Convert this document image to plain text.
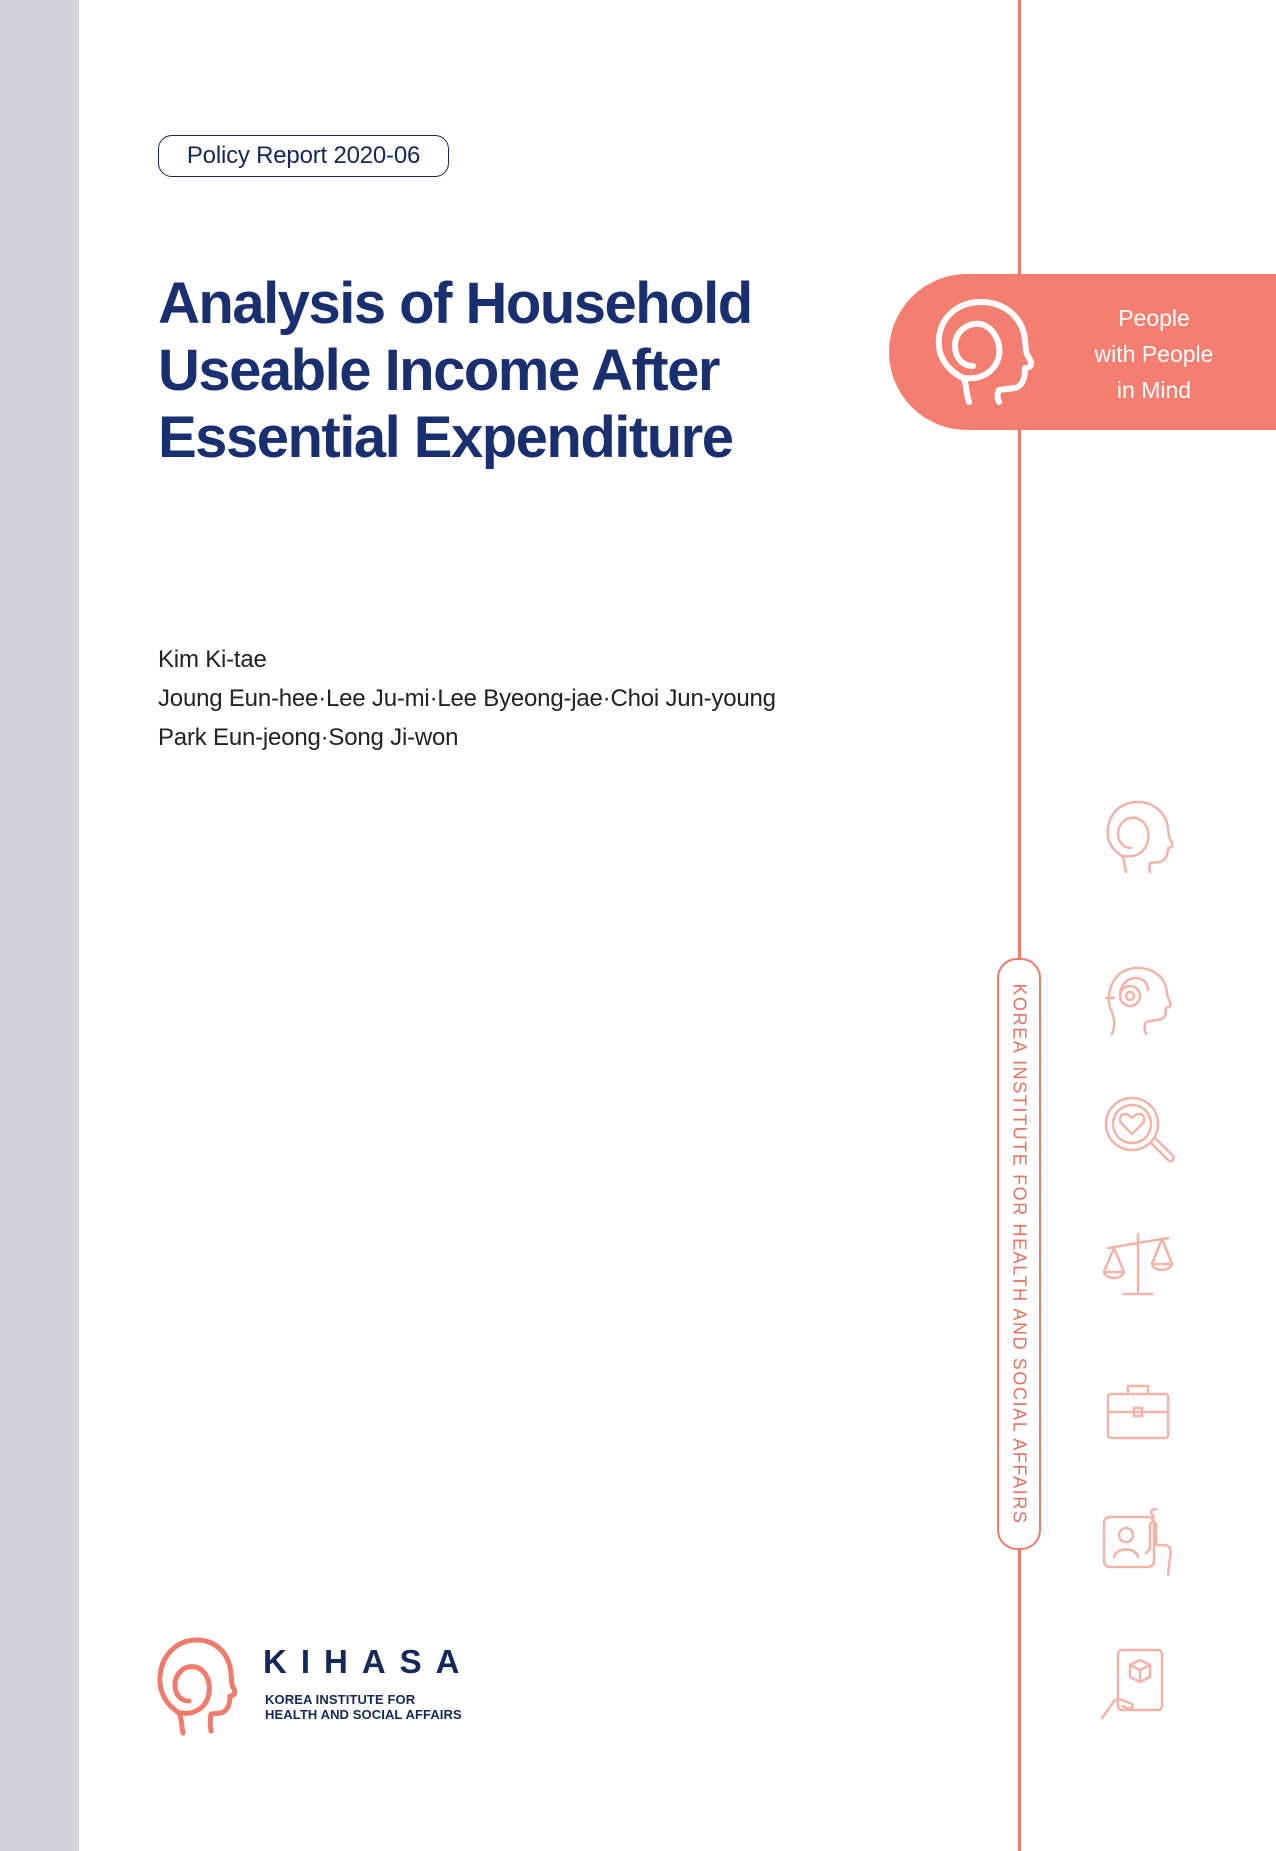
Policy Report 2020-06
Analysis of Household
Useable Income After
Essential Expenditure
Kim Ki-tae
Joung Eun-hee·Lee Ju-mi·Lee Byeong-jae·Choi Jun-young
Park Eun-jeong·Song Ji-won
People
with People
in Mind
KOREA INSTITUTE FOR HEALTH AND SOCIAL AFFAIRS
KIHASA
KOREA INSTITUTE FOR
HEALTH AND SOCIAL AFFAIRS
